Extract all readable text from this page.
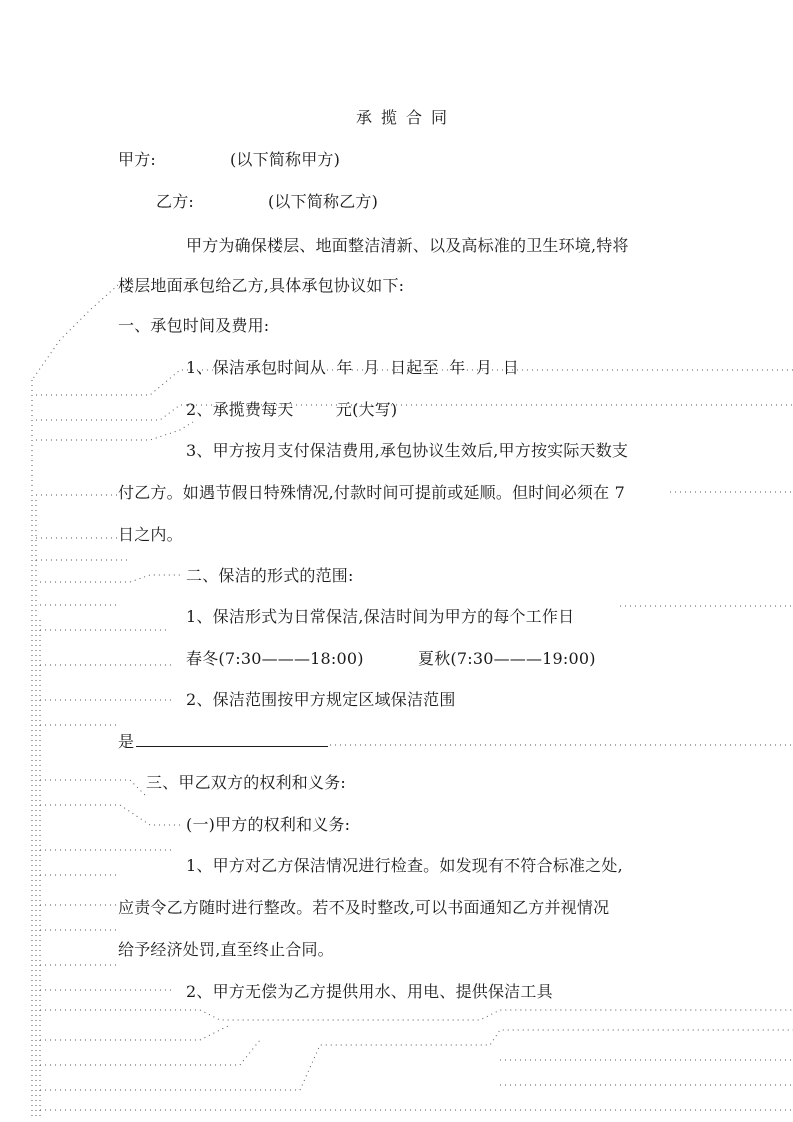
承揽合同
甲方:              (以下简称甲方)
乙方:              (以下简称乙方)
甲方为确保楼层、地面整洁清新、以及高标准的卫生环境,特将
楼层地面承包给乙方,具体承包协议如下:
一、承包时间及费用:
1、保洁承包时间从  年  月  日起至  年  月  日
2、承揽费每天        元(大写)
3、甲方按月支付保洁费用,承包协议生效后,甲方按实际天数支
付乙方。如遇节假日特殊情况,付款时间可提前或延顺。但时间必须在 7
日之内。
二、保洁的形式的范围:
1、保洁形式为日常保洁,保洁时间为甲方的每个工作日
春冬(7:30———18:00)	夏秋(7:30———19:00)
2、保洁范围按甲方规定区域保洁范围
是
三、甲乙双方的权利和义务:
(一)甲方的权利和义务:
1、甲方对乙方保洁情况进行检查。如发现有不符合标准之处,
应责令乙方随时进行整改。若不及时整改,可以书面通知乙方并视情况
给予经济处罚,直至终止合同。
2、甲方无偿为乙方提供用水、用电、提供保洁工具
